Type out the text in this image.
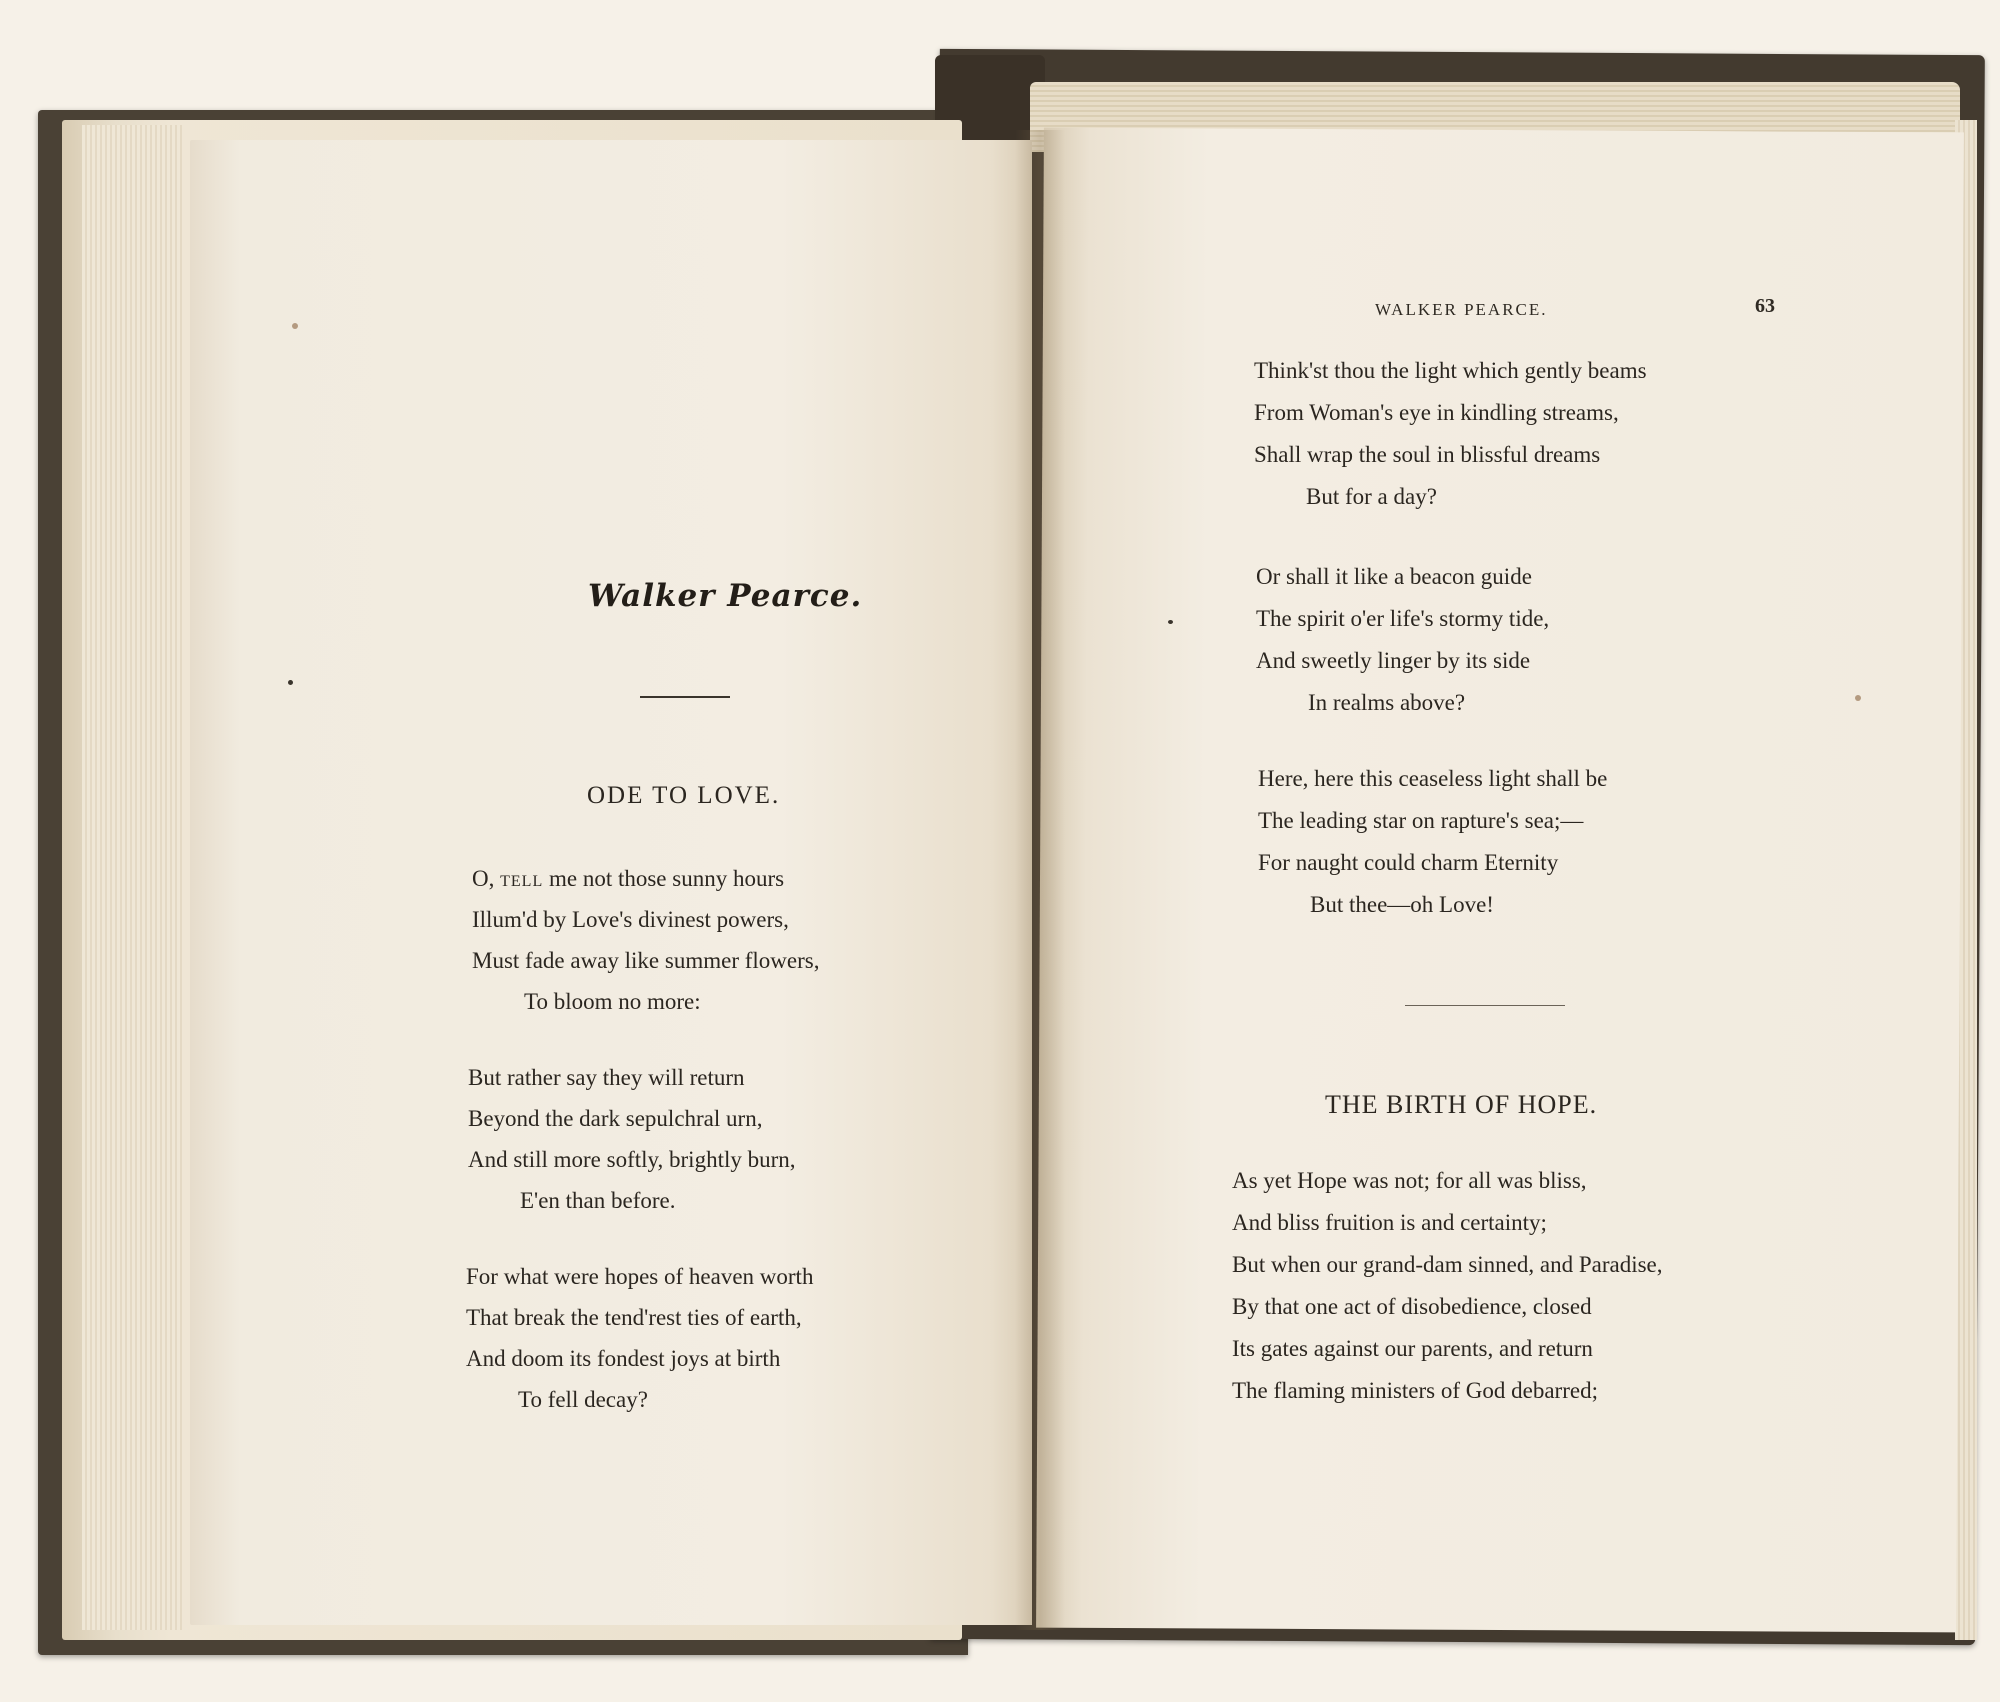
Walker Pearce.
ODE TO LOVE.
O, tell me not those sunny hours
Illum'd by Love's divinest powers,
Must fade away like summer flowers,
To bloom no more:
But rather say they will return
Beyond the dark sepulchral urn,
And still more softly, brightly burn,
E'en than before.
For what were hopes of heaven worth
That break the tend'rest ties of earth,
And doom its fondest joys at birth
To fell decay?
WALKER PEARCE.	63
Think'st thou the light which gently beams
From Woman's eye in kindling streams,
Shall wrap the soul in blissful dreams
But for a day?
Or shall it like a beacon guide
The spirit o'er life's stormy tide,
And sweetly linger by its side
In realms above?
Here, here this ceaseless light shall be
The leading star on rapture's sea;—
For naught could charm Eternity
But thee—oh Love!
THE BIRTH OF HOPE.
As yet Hope was not; for all was bliss,
And bliss fruition is and certainty;
But when our grand-dam sinned, and Paradise,
By that one act of disobedience, closed
Its gates against our parents, and return
The flaming ministers of God debarred;
